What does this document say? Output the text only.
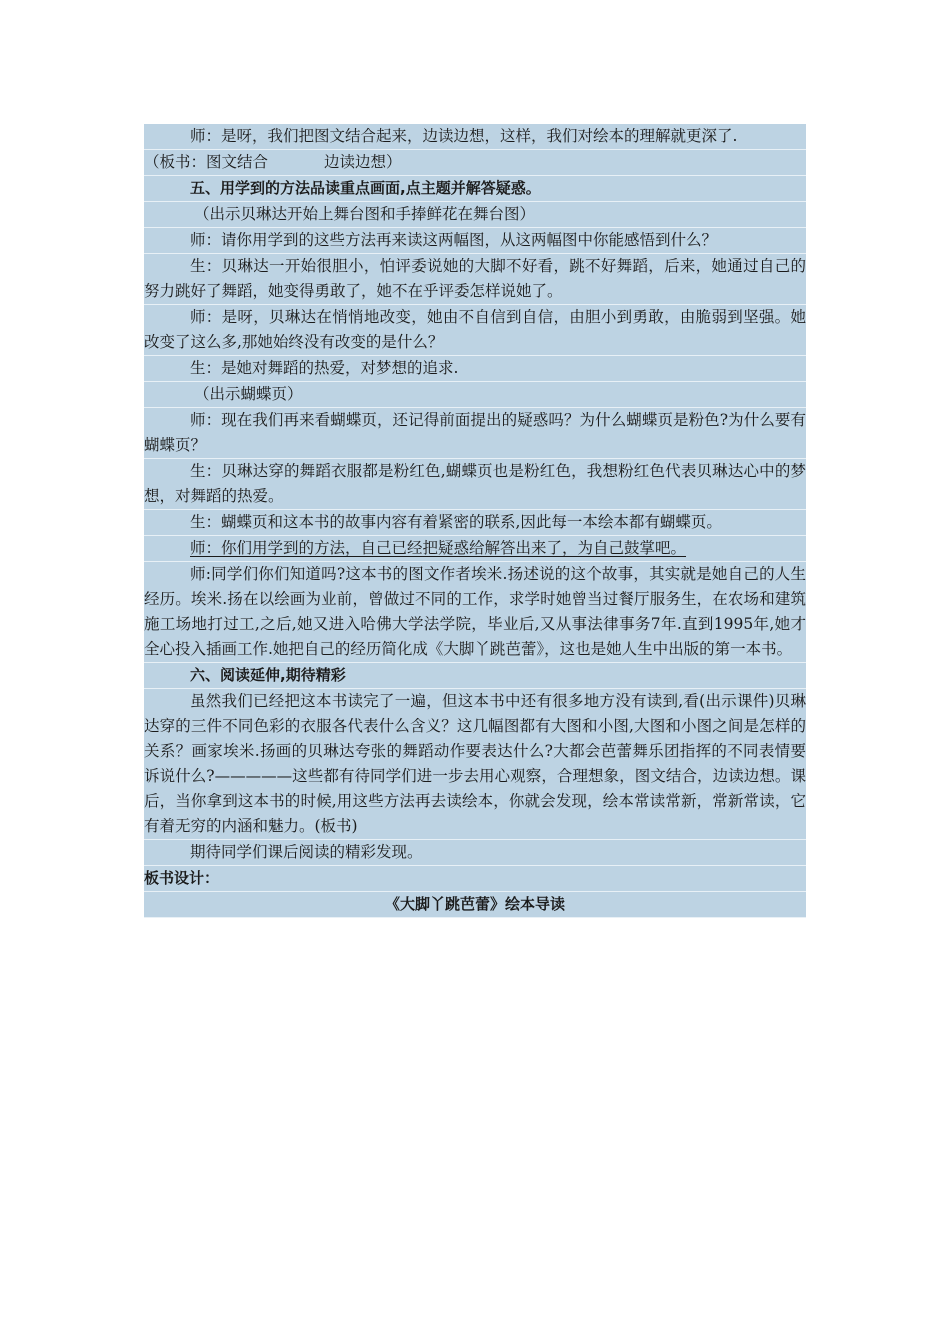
师：是呀，我们把图文结合起来，边读边想，这样，我们对绘本的理解就更深了.
（板书：图文结合	边读边想）
五、用学到的方法品读重点画面,点主题并解答疑惑。
（出示贝琳达开始上舞台图和手捧鲜花在舞台图）
师：请你用学到的这些方法再来读这两幅图，从这两幅图中你能感悟到什么？
生：贝琳达一开始很胆小，怕评委说她的大脚不好看，跳不好舞蹈，后来，她通过自己的努力跳好了舞蹈，她变得勇敢了，她不在乎评委怎样说她了。
师：是呀，贝琳达在悄悄地改变，她由不自信到自信，由胆小到勇敢，由脆弱到坚强。她改变了这么多,那她始终没有改变的是什么？
生：是她对舞蹈的热爱，对梦想的追求.
（出示蝴蝶页）
师：现在我们再来看蝴蝶页，还记得前面提出的疑惑吗？为什么蝴蝶页是粉色?为什么要有蝴蝶页？
生：贝琳达穿的舞蹈衣服都是粉红色,蝴蝶页也是粉红色，我想粉红色代表贝琳达心中的梦想，对舞蹈的热爱。
生：蝴蝶页和这本书的故事内容有着紧密的联系,因此每一本绘本都有蝴蝶页。
师：你们用学到的方法，自己已经把疑惑给解答出来了，为自己鼓掌吧。
师:同学们你们知道吗?这本书的图文作者埃米.扬述说的这个故事，其实就是她自己的人生经历。埃米.扬在以绘画为业前，曾做过不同的工作，求学时她曾当过餐厅服务生，在农场和建筑施工场地打过工,之后,她又进入哈佛大学法学院，毕业后,又从事法律事务7年.直到1995年,她才全心投入插画工作.她把自己的经历简化成《大脚丫跳芭蕾》，这也是她人生中出版的第一本书。
六、阅读延伸,期待精彩
虽然我们已经把这本书读完了一遍，但这本书中还有很多地方没有读到,看(出示课件)贝琳达穿的三件不同色彩的衣服各代表什么含义？这几幅图都有大图和小图,大图和小图之间是怎样的关系？画家埃米.扬画的贝琳达夸张的舞蹈动作要表达什么?大都会芭蕾舞乐团指挥的不同表情要诉说什么?—————这些都有待同学们进一步去用心观察，合理想象，图文结合，边读边想。课后，当你拿到这本书的时候,用这些方法再去读绘本，你就会发现，绘本常读常新，常新常读，它有着无穷的内涵和魅力。(板书)
期待同学们课后阅读的精彩发现。
板书设计：
《大脚丫跳芭蕾》绘本导读
